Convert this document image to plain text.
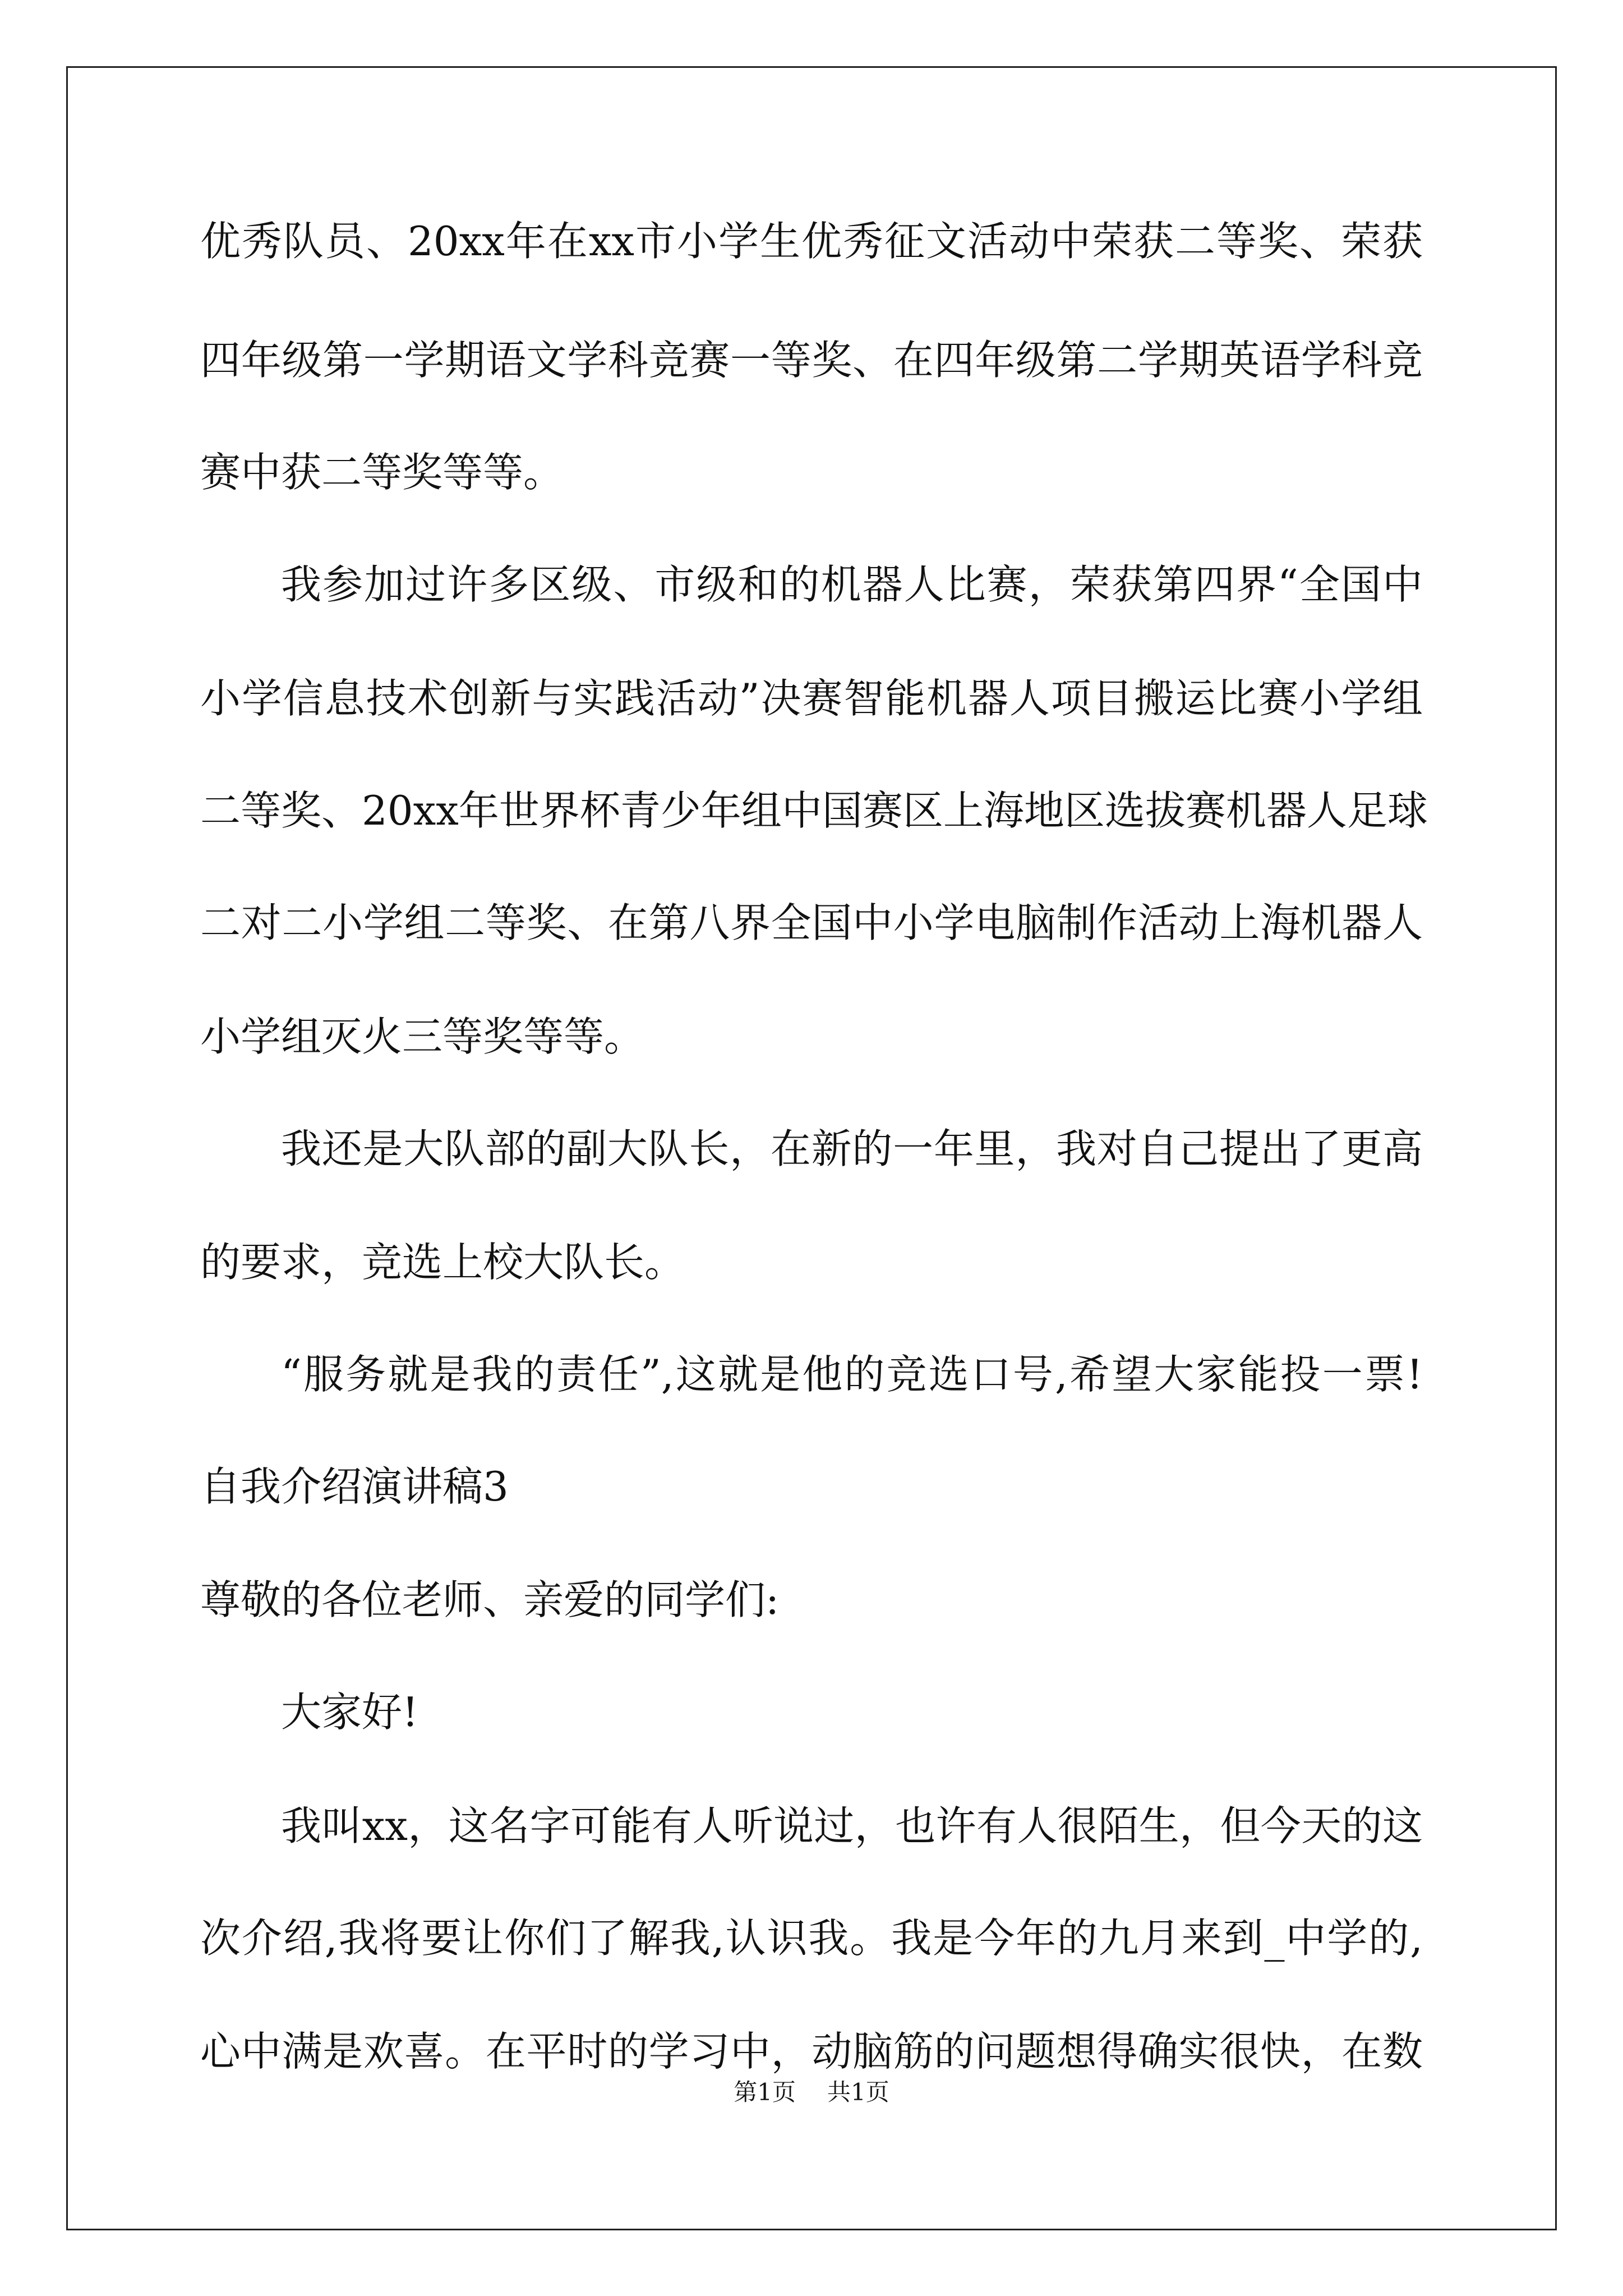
优秀队员、20xx年在xx市小学生优秀征文活动中荣获二等奖、荣获
四年级第一学期语文学科竞赛一等奖、在四年级第二学期英语学科竞
赛中获二等奖等等。
我参加过许多区级、市级和的机器人比赛，荣获第四界“全国中
小学信息技术创新与实践活动”决赛智能机器人项目搬运比赛小学组
二等奖、20xx年世界杯青少年组中国赛区上海地区选拔赛机器人足球
二对二小学组二等奖、在第八界全国中小学电脑制作活动上海机器人
小学组灭火三等奖等等。
我还是大队部的副大队长，在新的一年里，我对自己提出了更高
的要求，竞选上校大队长。
“服务就是我的责任”,这就是他的竞选口号,希望大家能投一票!
自我介绍演讲稿3
尊敬的各位老师、亲爱的同学们:
大家好!
我叫xx，这名字可能有人听说过，也许有人很陌生，但今天的这
次介绍,我将要让你们了解我,认识我。我是今年的九月来到_中学的,
心中满是欢喜。在平时的学习中，动脑筋的问题想得确实很快，在数
第1页 共1页
